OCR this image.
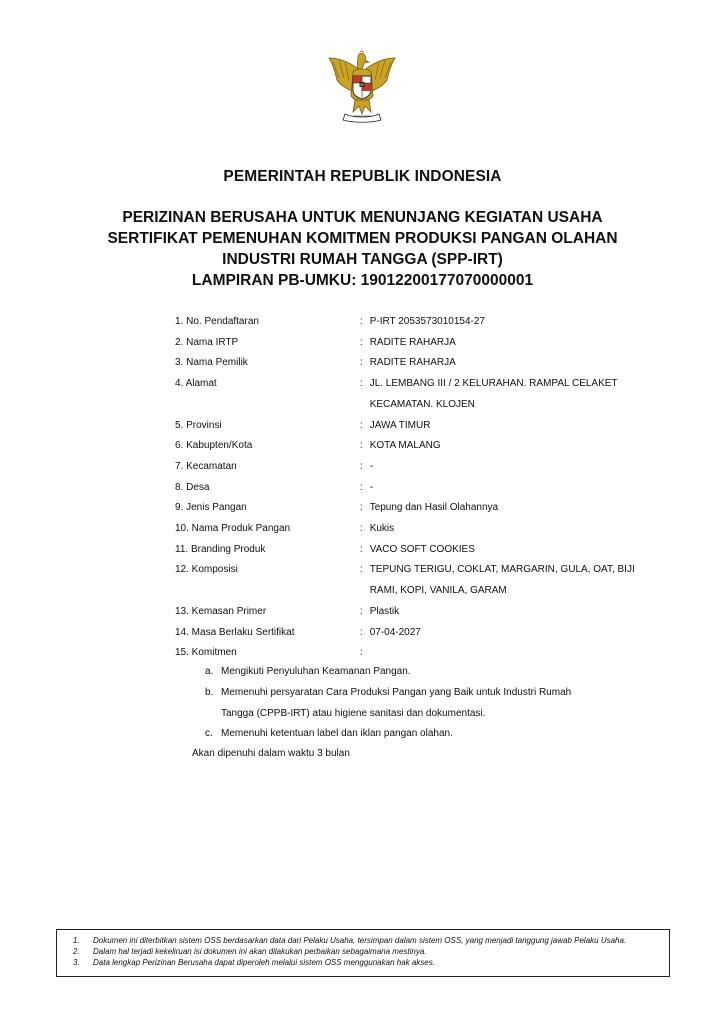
PEMERINTAH REPUBLIK INDONESIA
PERIZINAN BERUSAHA UNTUK MENUNJANG KEGIATAN USAHA
SERTIFIKAT PEMENUHAN KOMITMEN PRODUKSI PANGAN OLAHAN
INDUSTRI RUMAH TANGGA (SPP-IRT)
LAMPIRAN PB-UMKU: 19012200177070000001
1. No. Pendaftaran	: P-IRT 2053573010154-27
2. Nama IRTP	: RADITE RAHARJA
3. Nama Pemilik	: RADITE RAHARJA
4. Alamat	: JL. LEMBANG III / 2 KELURAHAN. RAMPAL CELAKET KECAMATAN. KLOJEN
5. Provinsi	: JAWA TIMUR
6. Kabupten/Kota	: KOTA MALANG
7. Kecamatan	: -
8. Desa	: -
9. Jenis Pangan	: Tepung dan Hasil Olahannya
10. Nama Produk Pangan	: Kukis
11. Branding Produk	: VACO SOFT COOKIES
12. Komposisi	: TEPUNG TERIGU, COKLAT, MARGARIN, GULA, OAT, BIJI RAMI, KOPI, VANILA, GARAM
13. Kemasan Primer	: Plastik
14. Masa Berlaku Sertifikat	: 07-04-2027
15. Komitmen	:
a. Mengikuti Penyuluhan Keamanan Pangan.
b. Memenuhi persyaratan Cara Produksi Pangan yang Baik untuk Industri Rumah
Tangga (CPPB-IRT) atau higiene sanitasi dan dokumentasi.
c. Memenuhi ketentuan label dan iklan pangan olahan.
Akan dipenuhi dalam waktu 3 bulan
1.	Dokumen ini diterbitkan sistem OSS berdasarkan data dari Pelaku Usaha, tersimpan dalam sistem OSS, yang menjadi tanggung jawab Pelaku Usaha.
2.	Dalam hal terjadi kekeliruan isi dokumen ini akan dilakukan perbaikan sebagaimana mestinya.
3.	Data lengkap Perizinan Berusaha dapat diperoleh melalui sistem OSS menggunakan hak akses.
